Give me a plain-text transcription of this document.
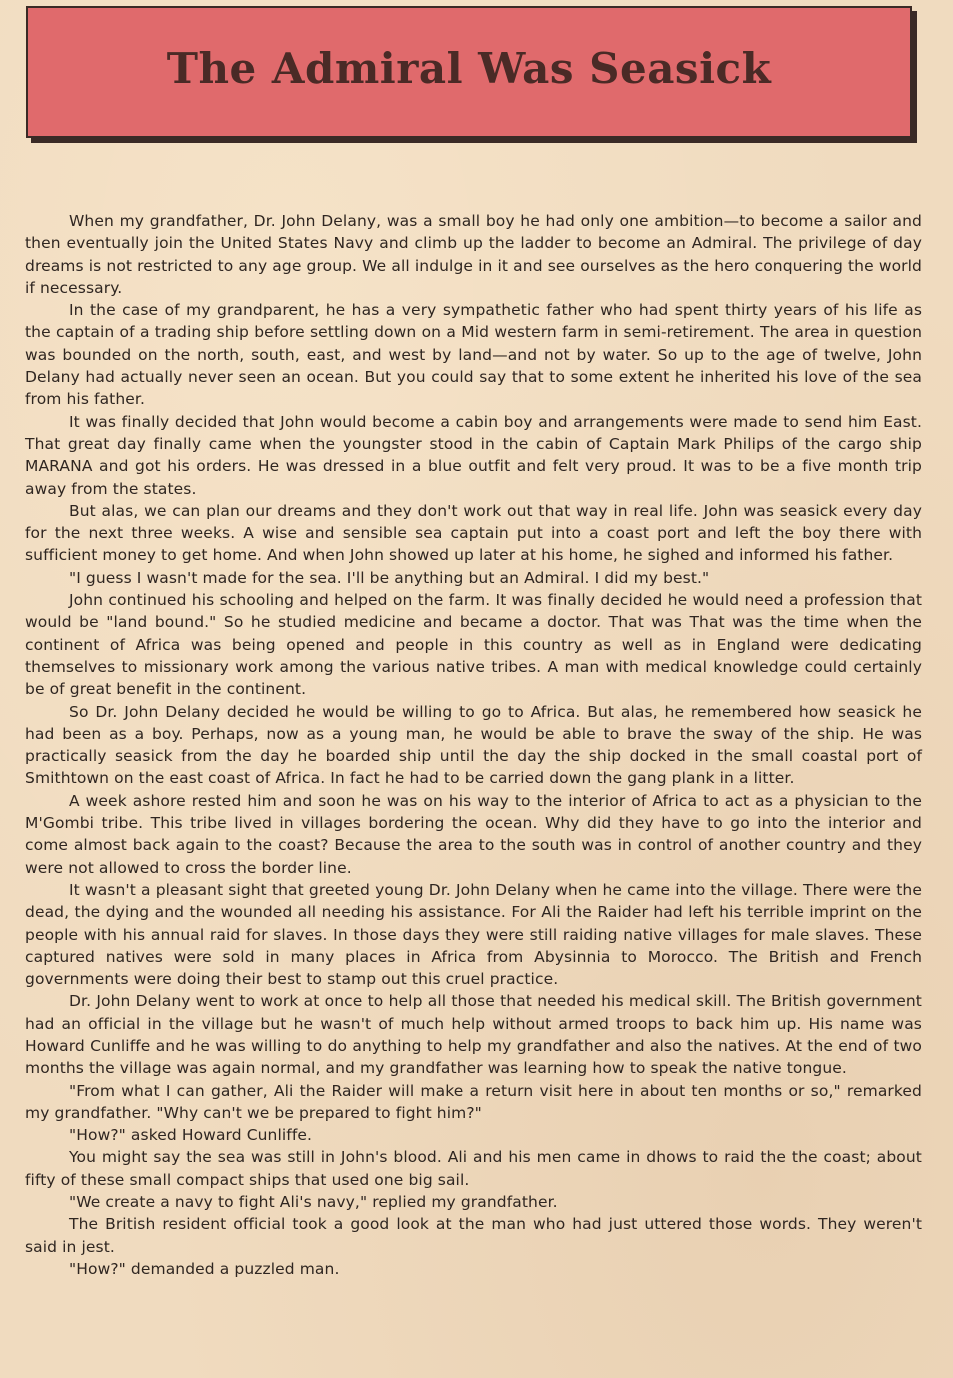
The Admiral Was Seasick

When my grandfather, Dr. John Delany, was a small boy he had only one ambition—to become a sailor and then eventually join the United States Navy and climb up the ladder to become an Admiral. The privilege of day dreams is not restricted to any age group. We all indulge in it and see ourselves as the hero conquering the world if necessary.

In the case of my grandparent, he has a very sympathetic father who had spent thirty years of his life as the captain of a trading ship before settling down on a Mid western farm in semi-retirement. The area in question was bounded on the north, south, east, and west by land—and not by water. So up to the age of twelve, John Delany had actually never seen an ocean. But you could say that to some extent he inherited his love of the sea from his father.

It was finally decided that John would become a cabin boy and arrangements were made to send him East. That great day finally came when the youngster stood in the cabin of Captain Mark Philips of the cargo ship MARANA and got his orders. He was dressed in a blue outfit and felt very proud. It was to be a five month trip away from the states.

But alas, we can plan our dreams and they don't work out that way in real life. John was seasick every day for the next three weeks. A wise and sensible sea captain put into a coast port and left the boy there with sufficient money to get home. And when John showed up later at his home, he sighed and informed his father.

"I guess I wasn't made for the sea. I'll be anything but an Admiral. I did my best."

John continued his schooling and helped on the farm. It was finally decided he would need a profession that would be "land bound." So he studied medicine and became a doctor. That was That was the time when the continent of Africa was being opened and people in this country as well as in England were dedicating themselves to missionary work among the various native tribes. A man with medical knowledge could certainly be of great benefit in the continent.

So Dr. John Delany decided he would be willing to go to Africa. But alas, he remembered how seasick he had been as a boy. Perhaps, now as a young man, he would be able to brave the sway of the ship. He was practically seasick from the day he boarded ship until the day the ship docked in the small coastal port of Smithtown on the east coast of Africa. In fact he had to be carried down the gang plank in a litter.

A week ashore rested him and soon he was on his way to the interior of Africa to act as a physician to the M'Gombi tribe. This tribe lived in villages bordering the ocean. Why did they have to go into the interior and come almost back again to the coast? Because the area to the south was in control of another country and they were not allowed to cross the border line.

It wasn't a pleasant sight that greeted young Dr. John Delany when he came into the village. There were the dead, the dying and the wounded all needing his assistance. For Ali the Raider had left his terrible imprint on the people with his annual raid for slaves. In those days they were still raiding native villages for male slaves. These captured natives were sold in many places in Africa from Abysinnia to Morocco. The British and French governments were doing their best to stamp out this cruel practice.

Dr. John Delany went to work at once to help all those that needed his medical skill. The British government had an official in the village but he wasn't of much help without armed troops to back him up. His name was Howard Cunliffe and he was willing to do anything to help my grandfather and also the natives. At the end of two months the village was again normal, and my grandfather was learning how to speak the native tongue.

"From what I can gather, Ali the Raider will make a return visit here in about ten months or so," remarked my grandfather. "Why can't we be prepared to fight him?"

"How?" asked Howard Cunliffe.

You might say the sea was still in John's blood. Ali and his men came in dhows to raid the the coast; about fifty of these small compact ships that used one big sail.

"We create a navy to fight Ali's navy," replied my grandfather.

The British resident official took a good look at the man who had just uttered those words. They weren't said in jest.

"How?" demanded a puzzled man.
